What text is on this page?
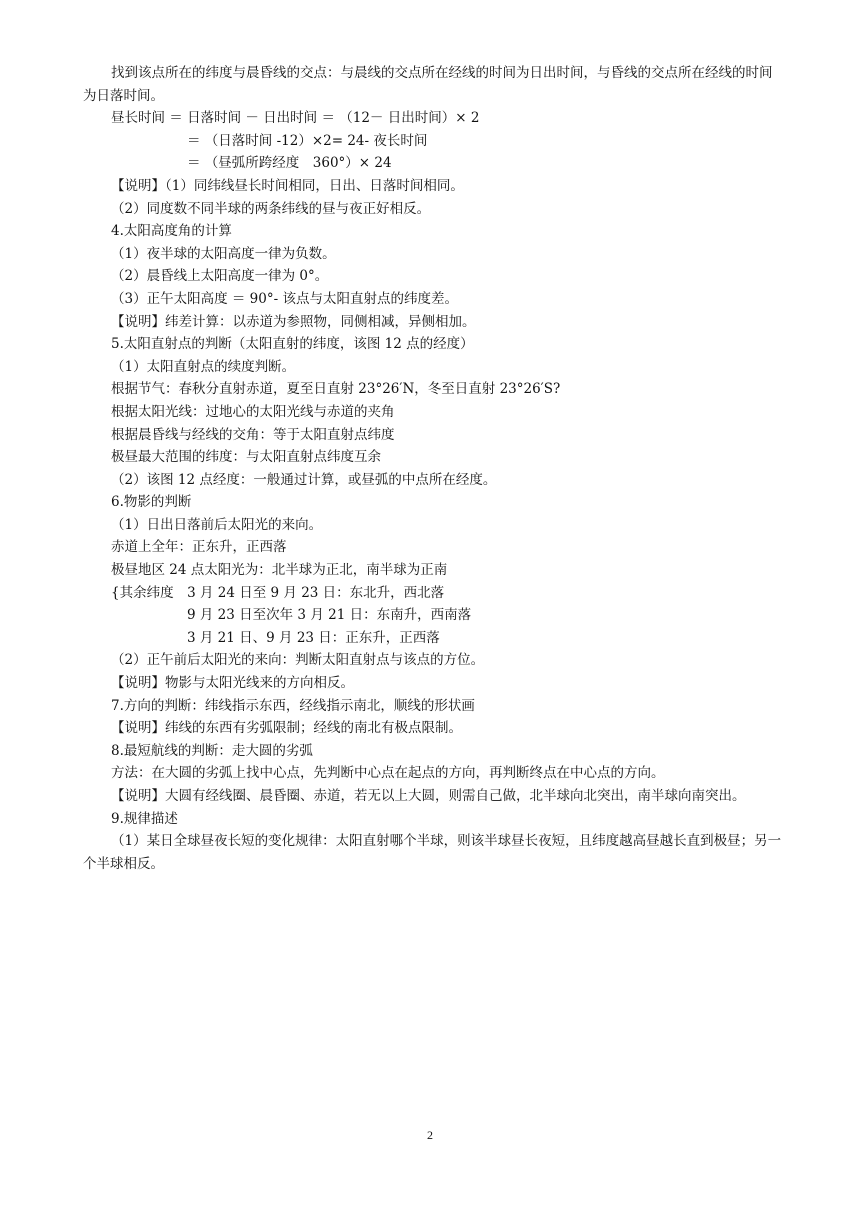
找到该点所在的纬度与晨昏线的交点：与晨线的交点所在经线的时间为日出时间，与昏线的交点所在经线的时间为日落时间。

昼长时间 ＝ 日落时间 － 日出时间 ＝ （12－ 日出时间）× 2

＝ （日落时间 -12）×2= 24- 夜长时间

＝ （昼弧所跨经度　360°）× 24

【说明】（1）同纬线昼长时间相同，日出、日落时间相同。

（2）同度数不同半球的两条纬线的昼与夜正好相反。

4.太阳高度角的计算

（1）夜半球的太阳高度一律为负数。

（2）晨昏线上太阳高度一律为 0°。

（3）正午太阳高度 ＝ 90°- 该点与太阳直射点的纬度差。

【说明】纬差计算：以赤道为参照物，同侧相减，异侧相加。

5.太阳直射点的判断（太阳直射的纬度，该图 12 点的经度）

（1）太阳直射点的续度判断。

根据节气：春秋分直射赤道，夏至日直射 23°26′N，冬至日直射 23°26′S?

根据太阳光线：过地心的太阳光线与赤道的夹角

根据晨昏线与经线的交角：等于太阳直射点纬度

极昼最大范围的纬度：与太阳直射点纬度互余

（2）该图 12 点经度：一般通过计算，或昼弧的中点所在经度。

6.物影的判断

（1）日出日落前后太阳光的来向。

赤道上全年：正东升，正西落

极昼地区 24 点太阳光为：北半球为正北，南半球为正南

{其余纬度　3 月 24 日至 9 月 23 日：东北升，西北落

9 月 23 日至次年 3 月 21 日：东南升，西南落

3 月 21 日、9 月 23 日：正东升，正西落

（2）正午前后太阳光的来向：判断太阳直射点与该点的方位。

【说明】物影与太阳光线来的方向相反。

7.方向的判断：纬线指示东西，经线指示南北，顺线的形状画

【说明】纬线的东西有劣弧限制；经线的南北有极点限制。

8.最短航线的判断：走大圆的劣弧

方法：在大圆的劣弧上找中心点，先判断中心点在起点的方向，再判断终点在中心点的方向。

【说明】大圆有经线圈、晨昏圈、赤道，若无以上大圆，则需自己做，北半球向北突出，南半球向南突出。

9.规律描述

（1）某日全球昼夜长短的变化规律：太阳直射哪个半球，则该半球昼长夜短，且纬度越高昼越长直到极昼；另一个半球相反。

2
